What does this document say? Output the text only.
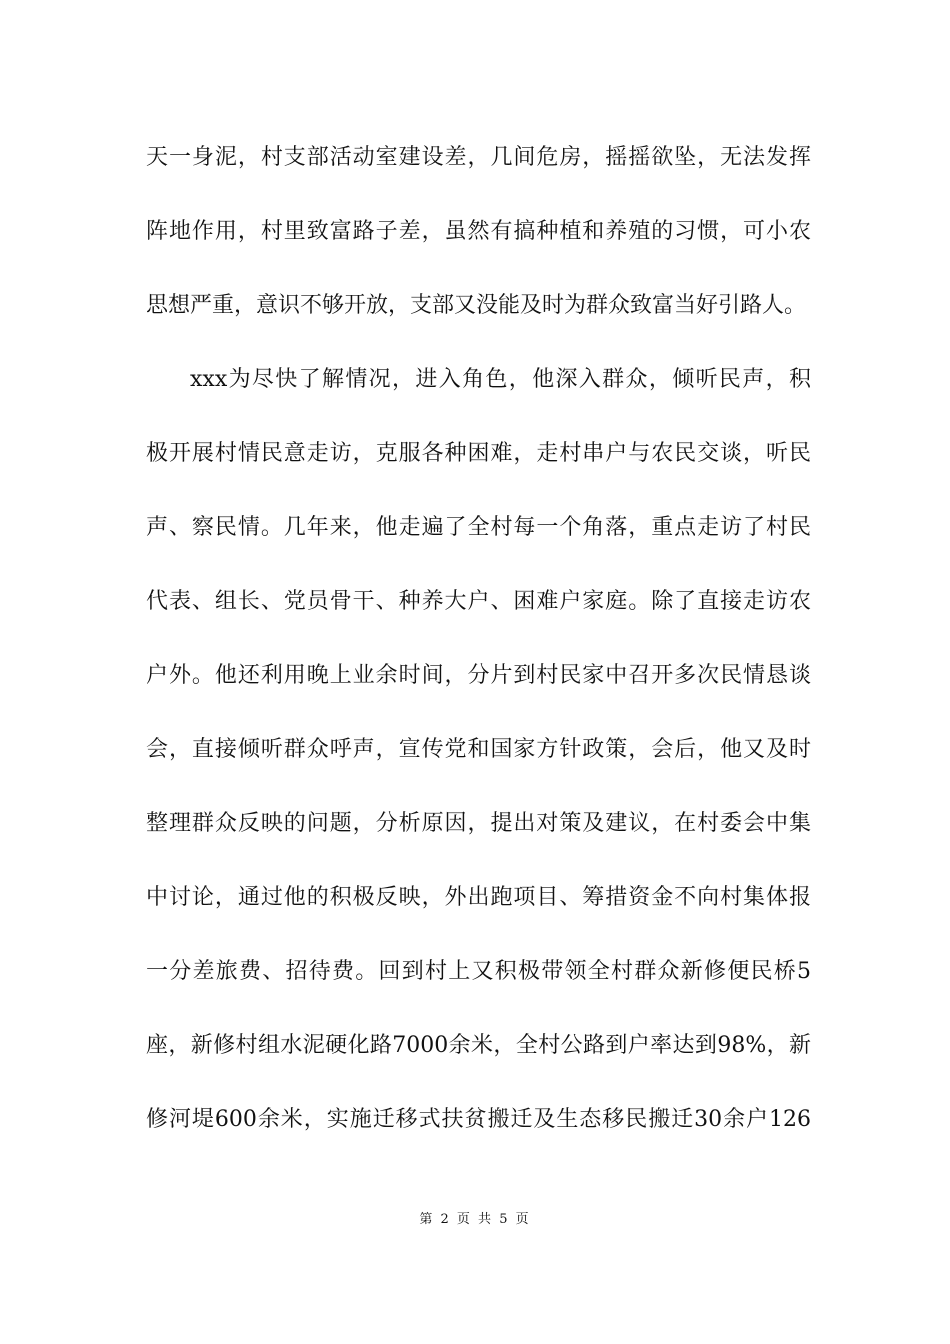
天一身泥，村支部活动室建设差，几间危房，摇摇欲坠，无法发挥
阵地作用，村里致富路子差，虽然有搞种植和养殖的习惯，可小农
思想严重，意识不够开放，支部又没能及时为群众致富当好引路人。
xxx为尽快了解情况，进入角色，他深入群众，倾听民声，积
极开展村情民意走访，克服各种困难，走村串户与农民交谈，听民
声、察民情。几年来，他走遍了全村每一个角落，重点走访了村民
代表、组长、党员骨干、种养大户、困难户家庭。除了直接走访农
户外。他还利用晚上业余时间，分片到村民家中召开多次民情恳谈
会，直接倾听群众呼声，宣传党和国家方针政策，会后，他又及时
整理群众反映的问题，分析原因，提出对策及建议，在村委会中集
中讨论，通过他的积极反映，外出跑项目、筹措资金不向村集体报
一分差旅费、招待费。回到村上又积极带领全村群众新修便民桥5
座，新修村组水泥硬化路7000余米，全村公路到户率达到98%，新
修河堤600余米，实施迁移式扶贫搬迁及生态移民搬迁30余户126
第 2 页 共 5 页
